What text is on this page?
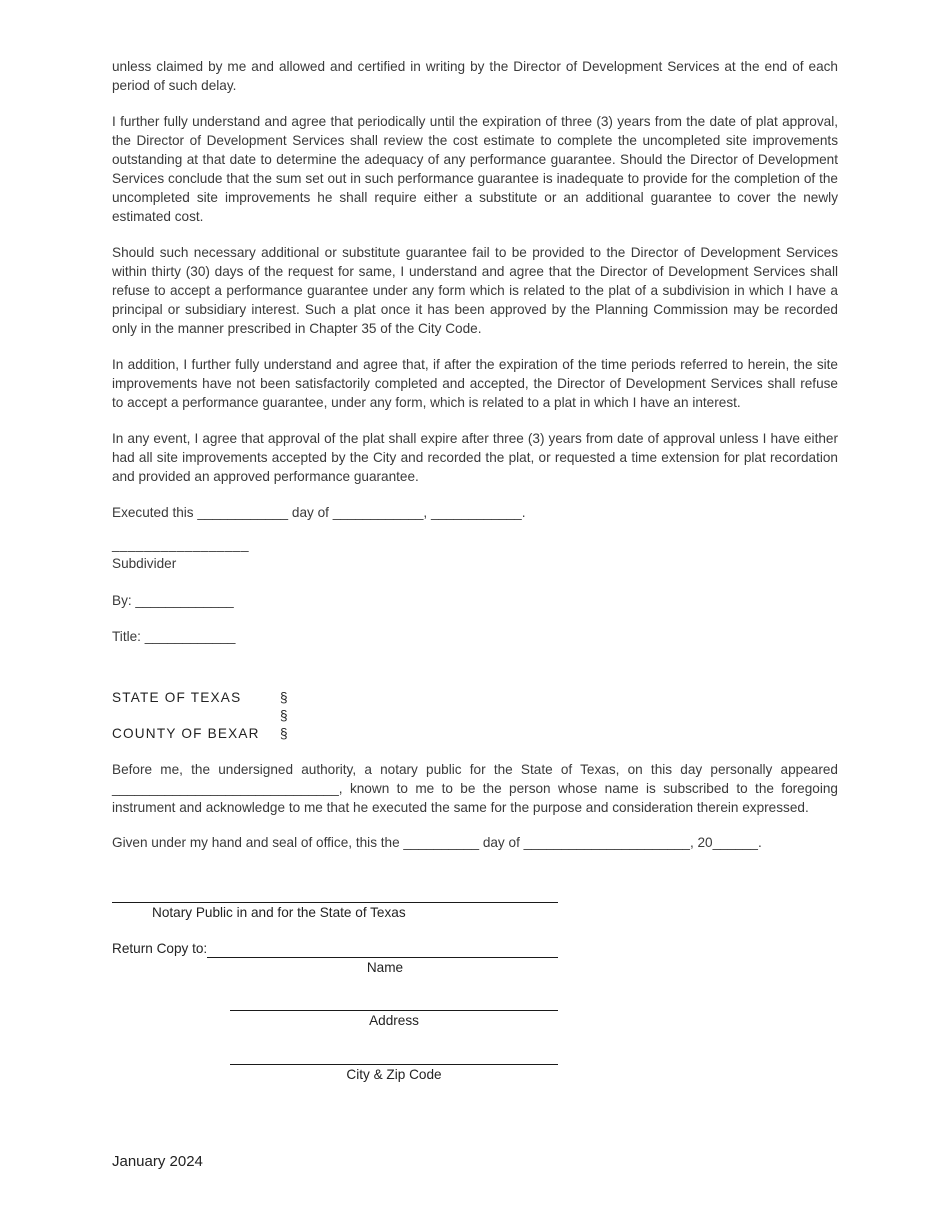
unless claimed by me and allowed and certified in writing by the Director of Development Services at the end of each period of such delay.

I further fully understand and agree that periodically until the expiration of three (3) years from the date of plat approval, the Director of Development Services shall review the cost estimate to complete the uncompleted site improvements outstanding at that date to determine the adequacy of any performance guarantee. Should the Director of Development Services conclude that the sum set out in such performance guarantee is inadequate to provide for the completion of the uncompleted site improvements he shall require either a substitute or an additional guarantee to cover the newly estimated cost.

Should such necessary additional or substitute guarantee fail to be provided to the Director of Development Services within thirty (30) days of the request for same, I understand and agree that the Director of Development Services shall refuse to accept a performance guarantee under any form which is related to the plat of a subdivision in which I have a principal or subsidiary interest. Such a plat once it has been approved by the Planning Commission may be recorded only in the manner prescribed in Chapter 35 of the City Code.

In addition, I further fully understand and agree that, if after the expiration of the time periods referred to herein, the site improvements have not been satisfactorily completed and accepted, the Director of Development Services shall refuse to accept a performance guarantee, under any form, which is related to a plat in which I have an interest.

In any event, I agree that approval of the plat shall expire after three (3) years from date of approval unless I have either had all site improvements accepted by the City and recorded the plat, or requested a time extension for plat recordation and provided an approved performance guarantee.

Executed this ____________ day of ____________, ____________.

_________________

Subdivider

By: _____________

Title: ____________

STATE OF TEXAS	§
§
COUNTY OF BEXAR	§

Before me, the undersigned authority, a notary public for the State of Texas, on this day personally appeared ______________________________, known to me to be the person whose name is subscribed to the foregoing instrument and acknowledge to me that he executed the same for the purpose and consideration therein expressed.

Given under my hand and seal of office, this the __________ day of ______________________, 20______.

Notary Public in and for the State of Texas

Return Copy to:

Name

Address

City & Zip Code

January 2024
